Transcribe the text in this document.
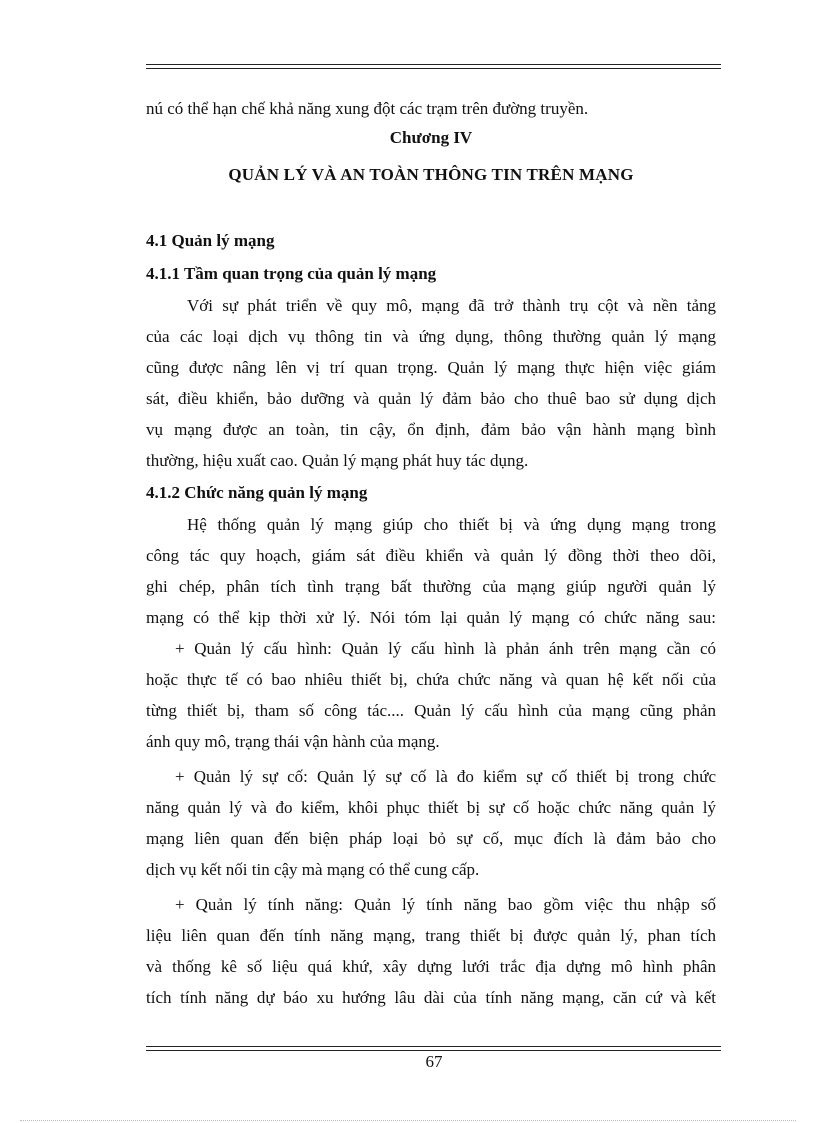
nú có thể hạn chế khả năng xung đột các trạm trên đường truyền.
Chương IV
QUẢN LÝ VÀ AN TOÀN THÔNG TIN TRÊN MẠNG
4.1 Quản lý mạng
4.1.1 Tầm quan trọng của quản lý mạng
Với sự phát triển về quy mô, mạng đã trở thành trụ cột và nền tảng
của các loại dịch vụ thông tin và ứng dụng, thông thường quản lý mạng
cũng được nâng lên vị trí quan trọng. Quản lý mạng thực hiện việc giám
sát, điều khiển, bảo dưỡng và quản lý đảm bảo cho thuê bao sử dụng dịch
vụ mạng được an toàn, tin cậy, ổn định, đảm bảo vận hành mạng bình
thường, hiệu xuất cao. Quản lý mạng phát huy tác dụng.
4.1.2 Chức năng quản lý mạng
Hệ thống quản lý mạng giúp cho thiết bị và ứng dụng mạng trong
công tác quy hoạch, giám sát điều khiển và quản lý đồng thời theo dõi,
ghi chép, phân tích tình trạng bất thường của mạng giúp người quản lý
mạng có thể kịp thời xử lý. Nói tóm lại quản lý mạng có chức năng sau:
+ Quản lý cấu hình: Quản lý cấu hình là phản ánh trên mạng cần có
hoặc thực tế có bao nhiêu thiết bị, chứa chức năng và quan hệ kết nối của
từng thiết bị, tham số công tác.... Quản lý cấu hình của mạng cũng phản
ánh quy mô, trạng thái vận hành của mạng.
+ Quản lý sự cố: Quản lý sự cố là đo kiểm sự cố thiết bị trong chức
năng quản lý và đo kiểm, khôi phục thiết bị sự cố hoặc chức năng quản lý
mạng liên quan đến biện pháp loại bỏ sự cố, mục đích là đảm bảo cho
dịch vụ kết nối tin cậy mà mạng có thể cung cấp.
+ Quản lý tính năng: Quản lý tính năng bao gồm việc thu nhập số
liệu liên quan đến tính năng mạng, trang thiết bị được quản lý, phan tích
và thống kê số liệu quá khứ, xây dựng lưới trắc địa dựng mô hình phân
tích tính năng dự báo xu hướng lâu dài của tính năng mạng, căn cứ và kết
67
